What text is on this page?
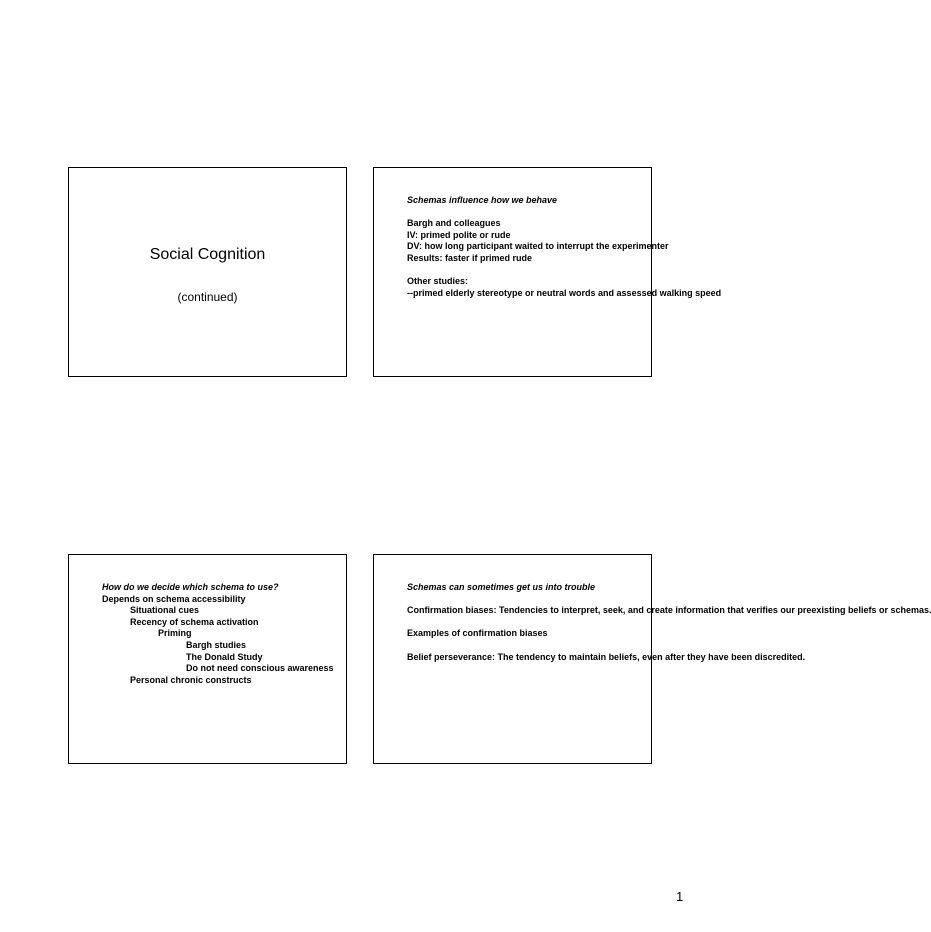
Social Cognition
(continued)
Schemas influence how we behave
Bargh and colleagues
IV: primed polite or rude
DV: how long participant waited to interrupt the experimenter
Results: faster if primed rude
Other studies:
--primed elderly stereotype or neutral words and assessed walking speed
How do we decide which schema to use?
Depends on schema accessibility
Situational cues
Recency of schema activation
Priming
Bargh studies
The Donald Study
Do not need conscious awareness
Personal chronic constructs
Schemas can sometimes get us into trouble
Confirmation biases: Tendencies to interpret, seek, and create information that verifies our preexisting beliefs or schemas.
Examples of confirmation biases
Belief perseverance: The tendency to maintain beliefs, even after they have been discredited.
1
